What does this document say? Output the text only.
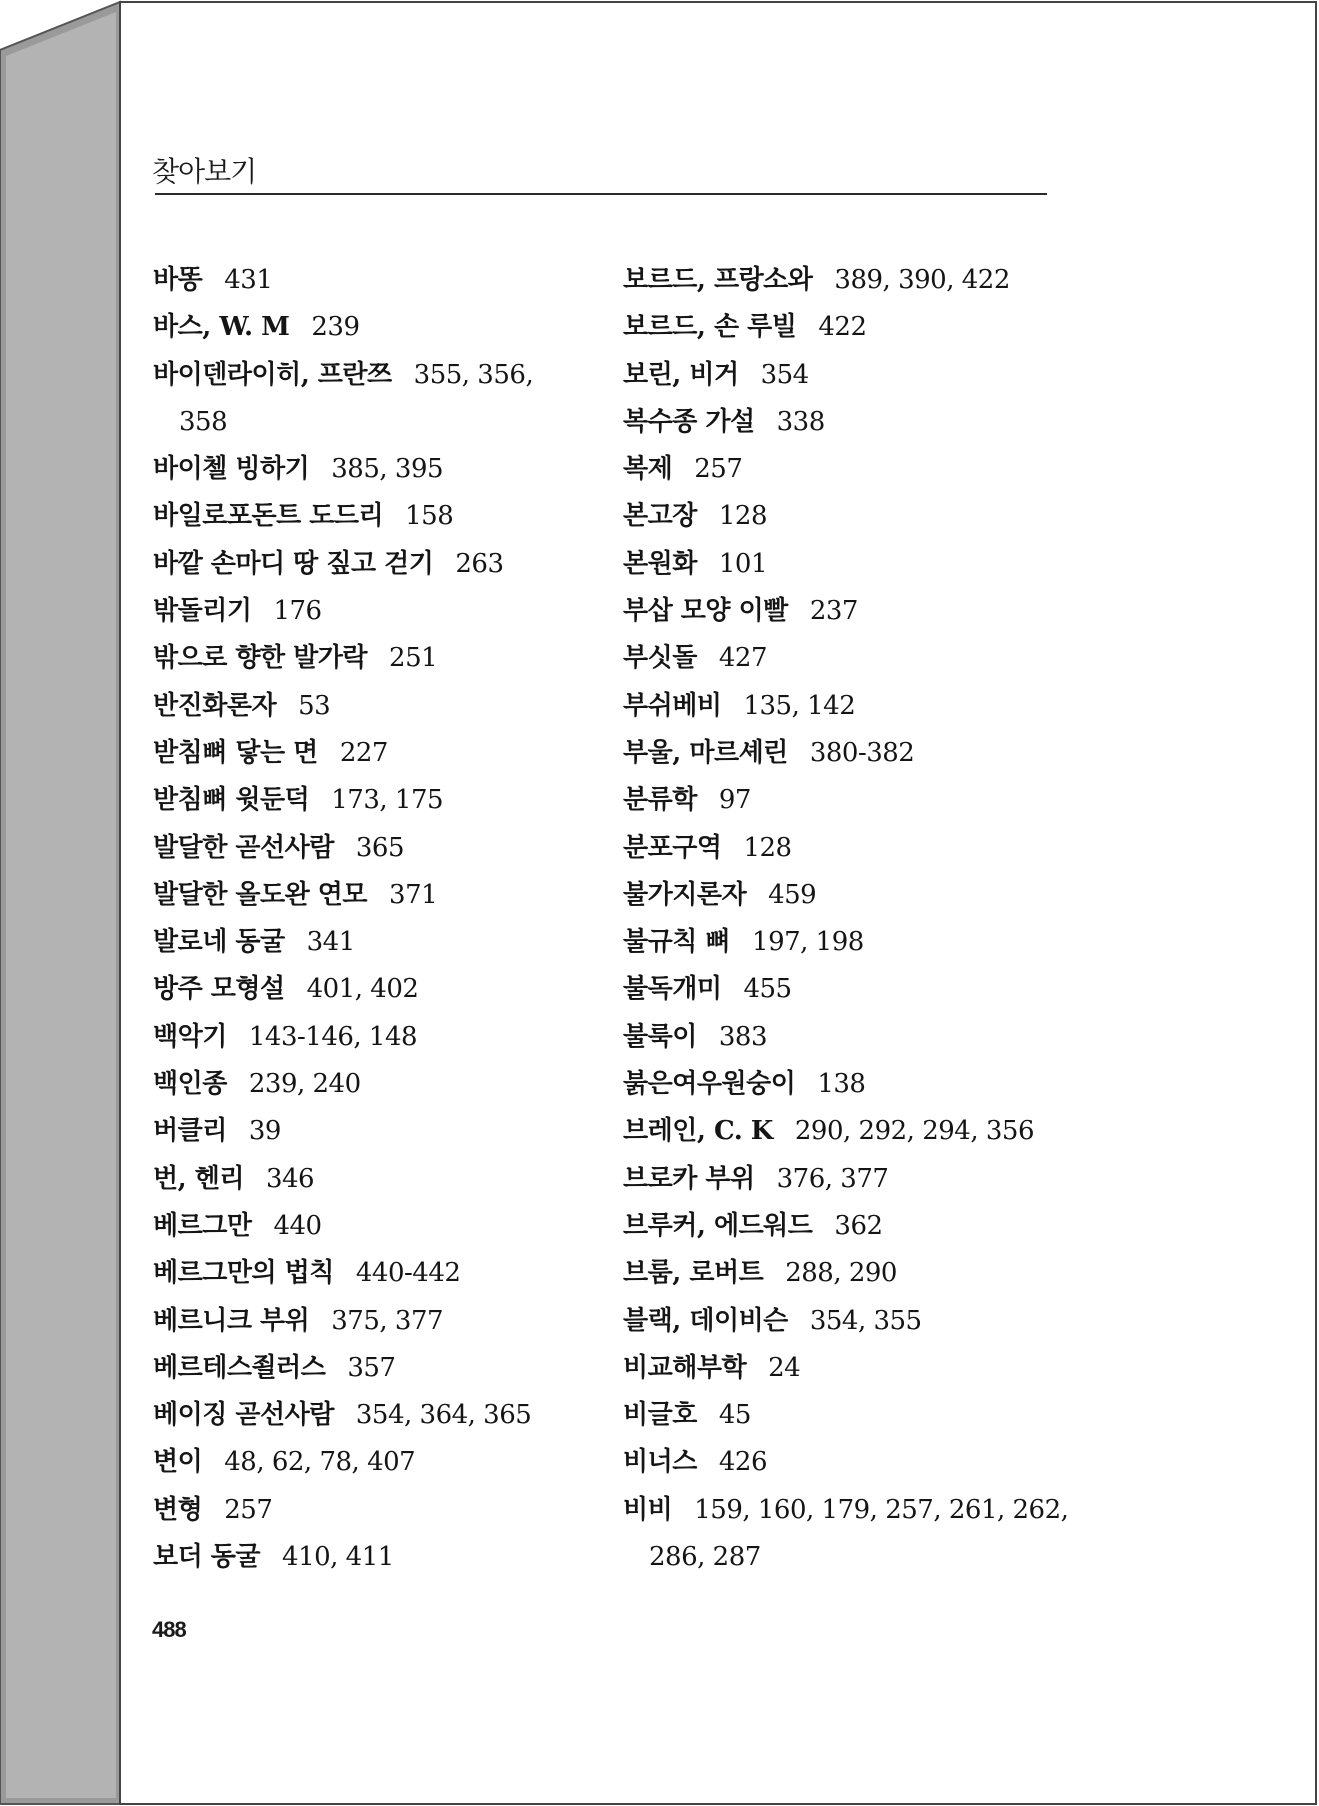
찾아보기
바똥 431
바스, W. M 239
바이덴라이히, 프란쯔 355, 356,
358
바이첼 빙하기 385, 395
바일로포돈트 도드리 158
바깥 손마디 땅 짚고 걷기 263
밖돌리기 176
밖으로 향한 발가락 251
반진화론자 53
받침뼈 닿는 면 227
받침뼈 윗둔덕 173, 175
발달한 곧선사람 365
발달한 올도완 연모 371
발로네 동굴 341
방주 모형설 401, 402
백악기 143-146, 148
백인종 239, 240
버클리 39
번, 헨리 346
베르그만 440
베르그만의 법칙 440-442
베르니크 부위 375, 377
베르테스죌러스 357
베이징 곧선사람 354, 364, 365
변이 48, 62, 78, 407
변형 257
보더 동굴 410, 411
보르드, 프랑소와 389, 390, 422
보르드, 손 루빌 422
보린, 비거 354
복수종 가설 338
복제 257
본고장 128
본원화 101
부삽 모양 이빨 237
부싯돌 427
부쉬베비 135, 142
부울, 마르셰린 380-382
분류학 97
분포구역 128
불가지론자 459
불규칙 뼈 197, 198
불독개미 455
불룩이 383
붉은여우원숭이 138
브레인, C. K 290, 292, 294, 356
브로카 부위 376, 377
브루커, 에드워드 362
브룸, 로버트 288, 290
블랙, 데이비슨 354, 355
비교해부학 24
비글호 45
비너스 426
비비 159, 160, 179, 257, 261, 262,
286, 287
488
